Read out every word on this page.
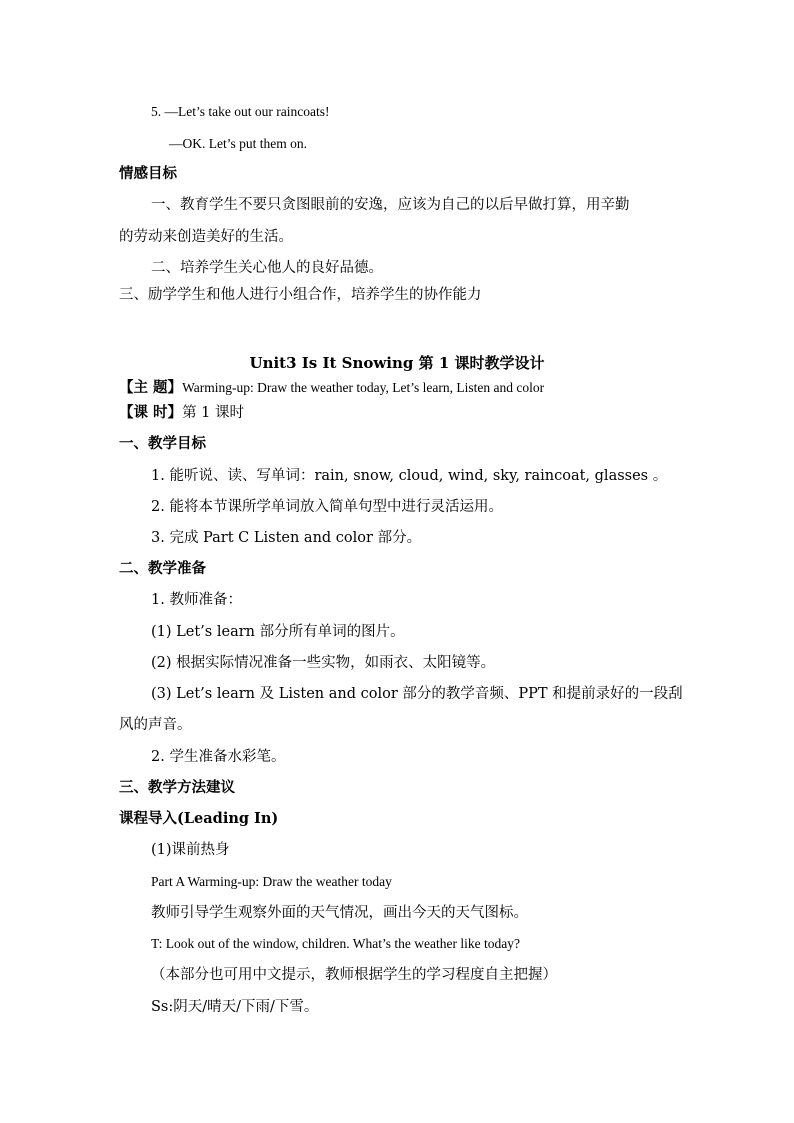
5. —Let’s take out our raincoats!
—OK. Let’s put them on.
情感目标
一、教育学生不要只贪图眼前的安逸，应该为自己的以后早做打算，用辛勤
的劳动来创造美好的生活。
二、培养学生关心他人的良好品德。
三、励学学生和他人进行小组合作，培养学生的协作能力
Unit3 Is It Snowing 第 1 课时教学设计
【主 题】Warming-up: Draw the weather today, Let’s learn, Listen and color
【课 时】第 1 课时
一、教学目标
1. 能听说、读、写单词：rain, snow, cloud, wind, sky, raincoat, glasses 。
2. 能将本节课所学单词放入简单句型中进行灵活运用。
3. 完成 Part C Listen and color 部分。
二、教学准备
1. 教师准备：
(1) Let’s learn 部分所有单词的图片。
(2) 根据实际情况准备一些实物，如雨衣、太阳镜等。
(3) Let’s learn 及 Listen and color 部分的教学音频、PPT 和提前录好的一段刮
风的声音。
2. 学生准备水彩笔。
三、教学方法建议
课程导入(Leading In)
(1)课前热身
Part A Warming-up: Draw the weather today
教师引导学生观察外面的天气情况，画出今天的天气图标。
T: Look out of the window, children. What’s the weather like today?
（本部分也可用中文提示，教师根据学生的学习程度自主把握）
Ss:阴天/晴天/下雨/下雪。
